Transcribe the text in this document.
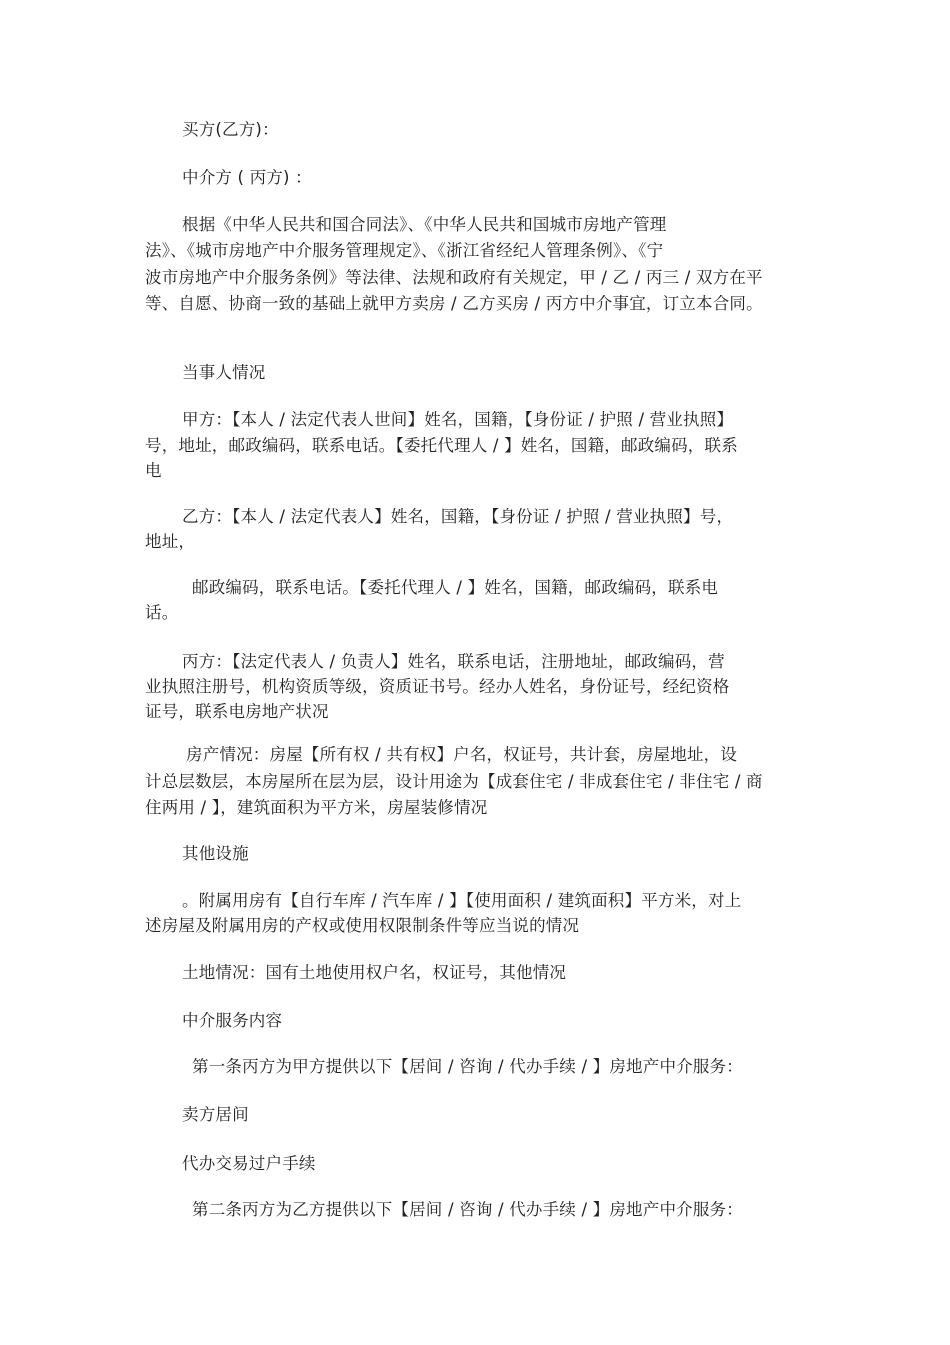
买方(乙方)：
中介方 ( 丙方) ：
根据《中华人民共和国合同法》、《中华人民共和国城市房地产管理
法》、《城市房地产中介服务管理规定》、《浙江省经纪人管理条例》、《宁
波市房地产中介服务条例》等法律、法规和政府有关规定，甲 / 乙 / 丙三 / 双方在平
等、自愿、协商一致的基础上就甲方卖房 / 乙方买房 / 丙方中介事宜，订立本合同。
当事人情况
甲方：【本人 / 法定代表人世间】姓名，国籍，【身份证 / 护照 / 营业执照】
号，地址，邮政编码，联系电话。【委托代理人 / 】姓名，国籍，邮政编码，联系
电
乙方：【本人 / 法定代表人】姓名，国籍，【身份证 / 护照 / 营业执照】号，
地址，
邮政编码，联系电话。【委托代理人 / 】姓名，国籍，邮政编码，联系电
话。
丙方：【法定代表人 / 负责人】姓名，联系电话，注册地址，邮政编码，营
业执照注册号，机构资质等级，资质证书号。经办人姓名，身份证号，经纪资格
证号，联系电房地产状况
房产情况：房屋【所有权 / 共有权】户名，权证号，共计套，房屋地址，设
计总层数层，本房屋所在层为层，设计用途为【成套住宅 / 非成套住宅 / 非住宅 / 商
住两用 / 】，建筑面积为平方米，房屋装修情况
其他设施
。附属用房有【自行车库 / 汽车库 / 】【使用面积 / 建筑面积】平方米，对上
述房屋及附属用房的产权或使用权限制条件等应当说的情况
土地情况：国有土地使用权户名，权证号，其他情况
中介服务内容
第一条丙方为甲方提供以下【居间 / 咨询 / 代办手续 / 】房地产中介服务：
卖方居间
代办交易过户手续
第二条丙方为乙方提供以下【居间 / 咨询 / 代办手续 / 】房地产中介服务：
